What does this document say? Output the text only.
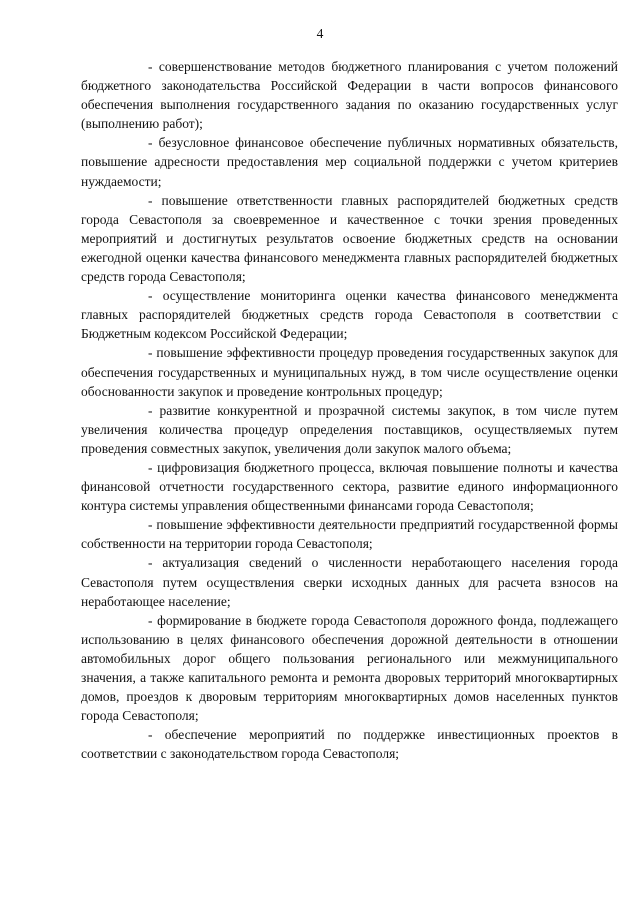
4

- совершенствование методов бюджетного планирования с учетом положений бюджетного законодательства Российской Федерации в части вопросов финансового обеспечения выполнения государственного задания по оказанию государственных услуг (выполнению работ);

- безусловное финансовое обеспечение публичных нормативных обязательств, повышение адресности предоставления мер социальной поддержки с учетом критериев нуждаемости;

- повышение ответственности главных распорядителей бюджетных средств города Севастополя за своевременное и качественное с точки зрения проведенных мероприятий и достигнутых результатов освоение бюджетных средств на основании ежегодной оценки качества финансового менеджмента главных распорядителей бюджетных средств города Севастополя;

- осуществление мониторинга оценки качества финансового менеджмента главных распорядителей бюджетных средств города Севастополя в соответствии с Бюджетным кодексом Российской Федерации;

- повышение эффективности процедур проведения государственных закупок для обеспечения государственных и муниципальных нужд, в том числе осуществление оценки обоснованности закупок и проведение контрольных процедур;

- развитие конкурентной и прозрачной системы закупок, в том числе путем увеличения количества процедур определения поставщиков, осуществляемых путем проведения совместных закупок, увеличения доли закупок малого объема;

- цифровизация бюджетного процесса, включая повышение полноты и качества финансовой отчетности государственного сектора, развитие единого информационного контура системы управления общественными финансами города Севастополя;

- повышение эффективности деятельности предприятий государственной формы собственности на территории города Севастополя;

- актуализация сведений о численности неработающего населения города Севастополя путем осуществления сверки исходных данных для расчета взносов на неработающее население;

- формирование в бюджете города Севастополя дорожного фонда, подлежащего использованию в целях финансового обеспечения дорожной деятельности в отношении автомобильных дорог общего пользования регионального или межмуниципального значения, а также капитального ремонта и ремонта дворовых территорий многоквартирных домов, проездов к дворовым территориям многоквартирных домов населенных пунктов города Севастополя;

- обеспечение мероприятий по поддержке инвестиционных проектов в соответствии с законодательством города Севастополя;
